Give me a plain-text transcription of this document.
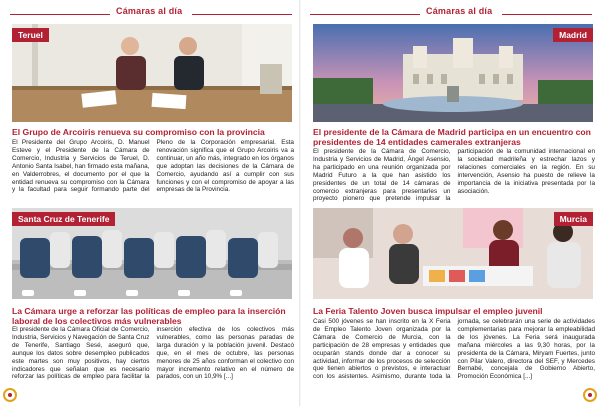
Cámaras al día
Teruel
El Grupo de Arcoiris renueva su compromiso con la provincia
El Presidente del Grupo Arcoiris, D. Manuel Esteve y el Presidente de la Cámara de Comercio, Industria y Servicios de Teruel, D. Antonio Santa Isabel, han firmado esta mañana, en Valderrobres, el documento por el que la entidad renueva su compromiso con la Cámara y la facultad para seguir formando parte del Pleno de la Corporación empresarial. Esta renovación significa que el Grupo Arcoiris va a continuar, un año más, integrado en los órganos que adoptan las decisiones de la Cámara de Comercio, ayudando así a cumplir con sus funciones y con el compromiso de apoyar a las empresas de la Provincia.
Santa Cruz de Tenerife
La Cámara urge a reforzar las políticas de empleo para la inserción laboral de los colectivos más vulnerables
El presidente de la Cámara Oficial de Comercio, Industria, Servicios y Navegación de Santa Cruz de Tenerife, Santiago Sesé, aseguró que, aunque los datos sobre desempleo publicados este martes son muy positivos, hay ciertos indicadores que señalan que es necesario reforzar las políticas de empleo para facilitar la inserción efectiva de los colectivos más vulnerables, como las personas paradas de larga duración y la población juvenil. Destacó que, en el mes de octubre, las personas menores de 25 años conforman el colectivo con mayor incremento relativo en el número de parados, con un 10,9% [...]
Cámaras al día
Madrid
El presidente de la Cámara de Madrid participa en un encuentro con presidentes de 14 entidades camerales extranjeras
El presidente de la Cámara de Comercio, Industria y Servicios de Madrid, Ángel Asensio, ha participado en una reunión organizada por Madrid Futuro a la que han asistido los presidentes de un total de 14 cámaras de comercio extranjeras para presentarles un proyecto pionero que pretende impulsar la participación de la comunidad internacional en la sociedad madrileña y estrechar lazos y relaciones comerciales en la región. En su intervención, Asensio ha puesto de relieve la importancia de la iniciativa presentada por la asociación.
Murcia
La Feria Talento Joven busca impulsar el empleo juvenil
Casi 500 jóvenes se han inscrito en la X Feria de Empleo Talento Joven organizada por la Cámara de Comercio de Murcia, con la participación de 28 empresas y entidades que ocuparán stands donde dar a conocer su actividad, informar de los procesos de selección que tienen abiertos o previstos, e interactuar con los asistentes. Asimismo, durante toda la jornada, se celebrarán una serie de actividades complementarias para mejorar la empleabilidad de los jóvenes. La Feria será inaugurada mañana miércoles a las 9,30 horas, por la presidenta de la Cámara, Miryam Fuertes, junto con Pilar Valero, directora del SEF, y Mercedes Bernabé, concejala de Gobierno Abierto, Promoción Económica [...]
